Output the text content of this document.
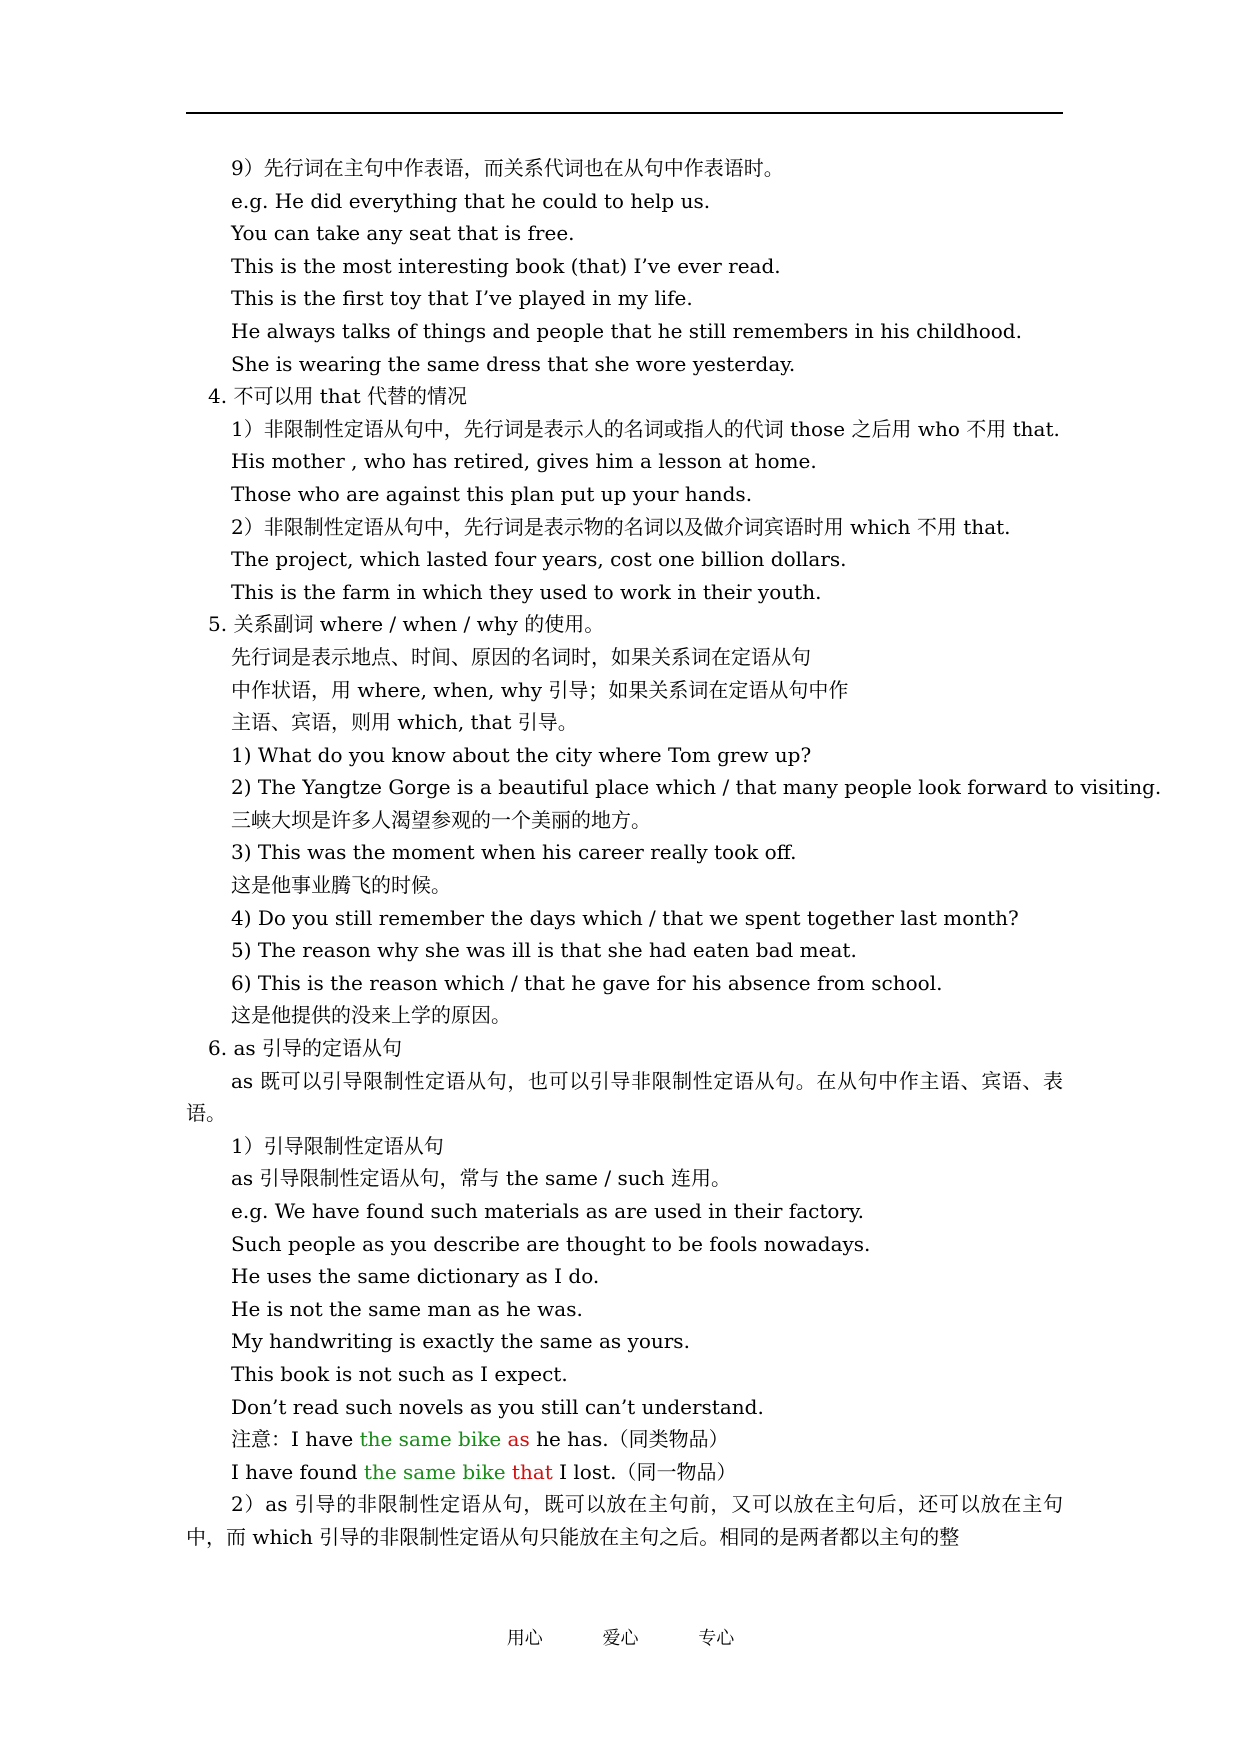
9）先行词在主句中作表语，而关系代词也在从句中作表语时。
e.g. He did everything that he could to help us.
You can take any seat that is free.
This is the most interesting book (that) I’ve ever read.
This is the first toy that I’ve played in my life.
He always talks of things and people that he still remembers in his childhood.
She is wearing the same dress that she wore yesterday.
4. 不可以用 that 代替的情况
1）非限制性定语从句中，先行词是表示人的名词或指人的代词 those 之后用 who 不用 that.
His mother , who has retired, gives him a lesson at home.
Those who are against this plan put up your hands.
2）非限制性定语从句中，先行词是表示物的名词以及做介词宾语时用 which 不用 that.
The project, which lasted four years, cost one billion dollars.
This is the farm in which they used to work in their youth.
5. 关系副词 where / when / why 的使用。
先行词是表示地点、时间、原因的名词时，如果关系词在定语从句
中作状语，用 where, when, why 引导；如果关系词在定语从句中作
主语、宾语，则用 which, that 引导。
1) What do you know about the city where Tom grew up?
2) The Yangtze Gorge is a beautiful place which / that many people look forward to visiting.
三峡大坝是许多人渴望参观的一个美丽的地方。
3) This was the moment when his career really took off.
这是他事业腾飞的时候。
4) Do you still remember the days which / that we spent together last month?
5) The reason why she was ill is that she had eaten bad meat.
6) This is the reason which / that he gave for his absence from school.
这是他提供的没来上学的原因。
6. as 引导的定语从句
as 既可以引导限制性定语从句，也可以引导非限制性定语从句。在从句中作主语、宾语、表语。
1）引导限制性定语从句
as 引导限制性定语从句，常与 the same / such 连用。
e.g. We have found such materials as are used in their factory.
Such people as you describe are thought to be fools nowadays.
He uses the same dictionary as I do.
He is not the same man as he was.
My handwriting is exactly the same as yours.
This book is not such as I expect.
Don’t read such novels as you still can’t understand.
注意：I have the same bike as he has.（同类物品）
I have found the same bike that I lost.（同一物品）
2）as 引导的非限制性定语从句，既可以放在主句前，又可以放在主句后，还可以放在主句中，而 which 引导的非限制性定语从句只能放在主句之后。相同的是两者都以主句的整
用心	爱心	专心
